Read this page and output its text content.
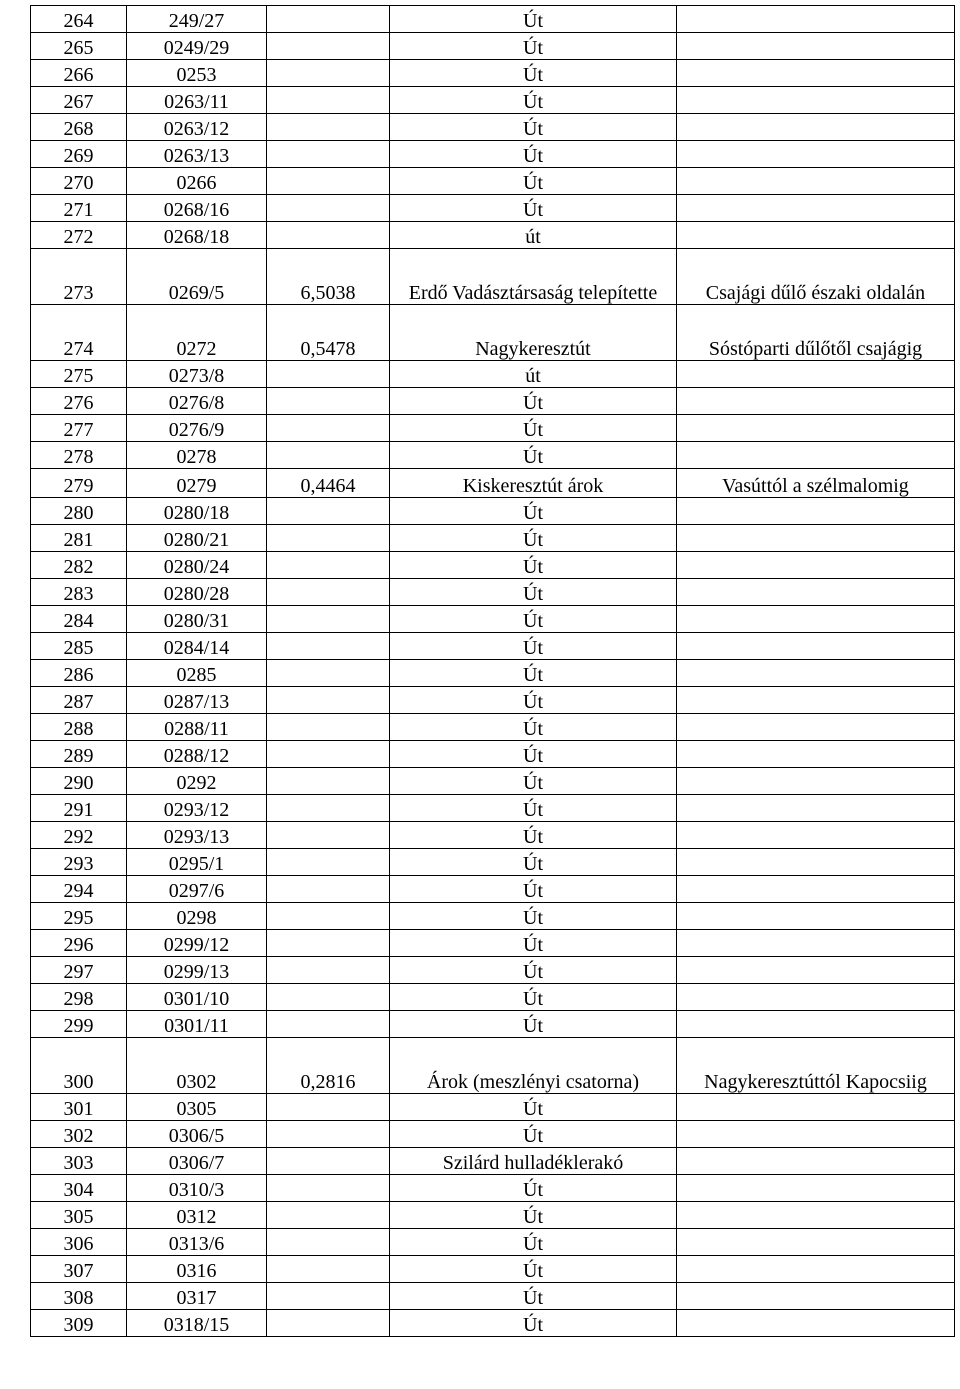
264	249/27		Út	
265	0249/29		Út	
266	0253		Út	
267	0263/11		Út	
268	0263/12		Út	
269	0263/13		Út	
270	0266		Út	
271	0268/16		Út	
272	0268/18		út	
273	0269/5	6,5038	Erdő Vadásztársaság telepítette	Csajági dűlő északi oldalán
274	0272	0,5478	Nagykeresztút	Sóstóparti dűlőtől csajágig
275	0273/8		út	
276	0276/8		Út	
277	0276/9		Út	
278	0278		Út	
279	0279	0,4464	Kiskeresztút árok	Vasúttól a szélmalomig
280	0280/18		Út	
281	0280/21		Út	
282	0280/24		Út	
283	0280/28		Út	
284	0280/31		Út	
285	0284/14		Út	
286	0285		Út	
287	0287/13		Út	
288	0288/11		Út	
289	0288/12		Út	
290	0292		Út	
291	0293/12		Út	
292	0293/13		Út	
293	0295/1		Út	
294	0297/6		Út	
295	0298		Út	
296	0299/12		Út	
297	0299/13		Út	
298	0301/10		Út	
299	0301/11		Út	
300	0302	0,2816	Árok (meszlényi csatorna)	Nagykeresztúttól Kapocsiig
301	0305		Út	
302	0306/5		Út	
303	0306/7		Szilárd hulladéklerakó	
304	0310/3		Út	
305	0312		Út	
306	0313/6		Út	
307	0316		Út	
308	0317		Út	
309	0318/15		Út	
